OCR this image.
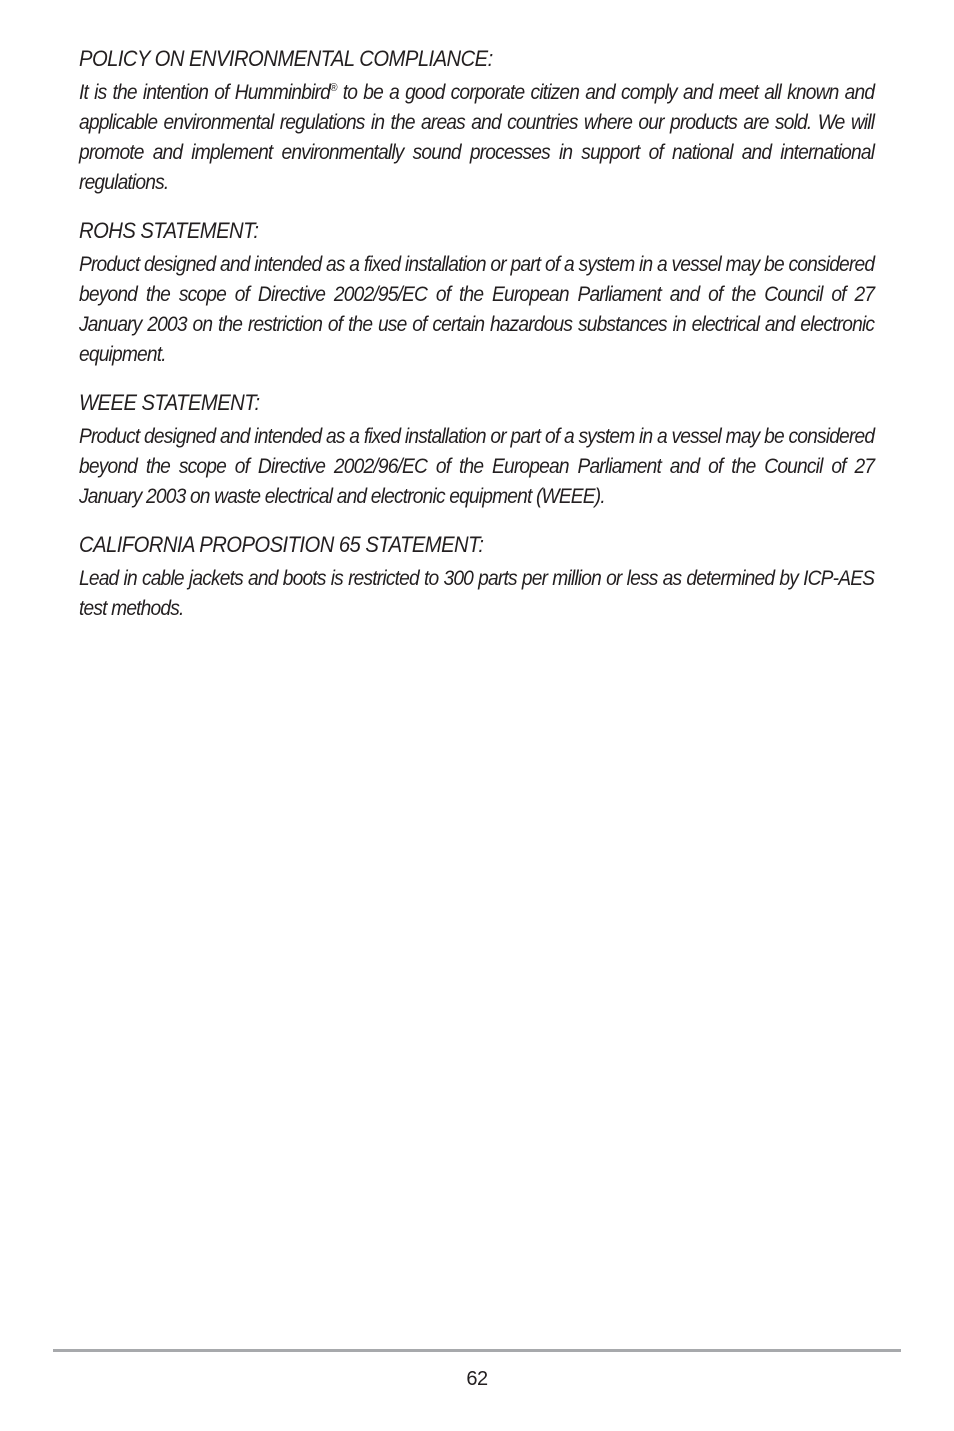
POLICY ON ENVIRONMENTAL COMPLIANCE:

It is the intention of Humminbird® to be a good corporate citizen and comply and meet all known and applicable environmental regulations in the areas and countries where our products are sold. We will promote and implement environmentally sound processes in support of national and international regulations.

ROHS STATEMENT:

Product designed and intended as a fixed installation or part of a system in a vessel may be considered beyond the scope of Directive 2002/95/EC of the European Parliament and of the Council of 27 January 2003 on the restriction of the use of certain hazardous substances in electrical and electronic equipment.

WEEE STATEMENT:

Product designed and intended as a fixed installation or part of a system in a vessel may be considered beyond the scope of Directive 2002/96/EC of the European Parliament and of the Council of 27 January 2003 on waste electrical and electronic equipment (WEEE).

CALIFORNIA PROPOSITION 65 STATEMENT:

Lead in cable jackets and boots is restricted to 300 parts per million or less as determined by ICP-AES test methods.

62
